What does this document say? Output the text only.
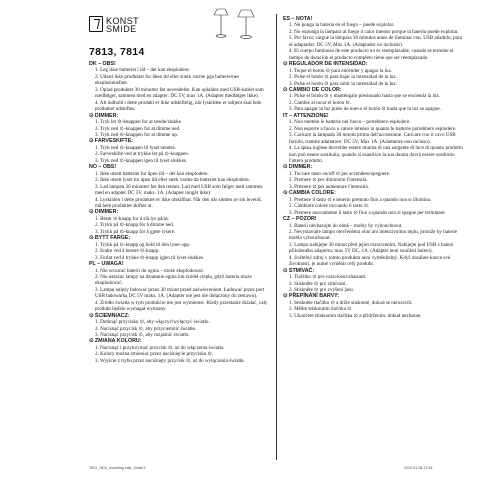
KONST
SMIDE
7813, 7814
DK – OBS!
1. Leg ikke batteriet i ild – det kan eksplodere.
2. Udsæt ikke produktet for åben ild eller stærk varme pga batteriernes eksplosionsfare.
3. Oplad produktet 30 minutter før anvendelse. Kan oplaldes med USB-kablet som medfølger, sammen med en adapter: DC 5V, max 1A. (Adapter medfølger ikke).
4. Alt indhold i dette produkt er ikke udskiftelig, når lyskilden er udtjent skal hele produktet udskiftes.
⊙ DIMMER:
1. Tryk let ⊙-knappen for at tænde/slukke.
2. Tryk ned ⊙-knappen for at dimme ned.
3. Tryk ned ⊙-knappen for at dimme op.
⊙ FARVESKIFTE:
1. Tryk ned ⊙-knappen til lyset tændes.
2. Farveskifte ved at trykke let på ⊙-knappen.
3. Tryk ned ⊙-knappen igen til lyset slukkes.
NO – OBS!
1. Ikke utsett batteriet for åpen ild – det kan eksplodere.
2. Ikke utsett lyset for åpen ild eller sterk varme da batteriet kan eksplodere.
3. Lad lampen 30 minutter før den tennes. Lad med USB som følger med sammen med en adapter DC 5V, maks. 1A. (Adapter inngår ikke).
4. Lyskilden i dette produktet er ikke utskiftbar. Når den når slutten av sin levetid, må hele produktet skiftes ut.
⊙ DIMMER:
1. Berør ⊙-knapp for å slå lys på/av.
2. Trykk på ⊙-knapp for å dimme ned.
3. Trykk på ⊙-knapp for å gjøre lysere.
⊙ BYTT FARGE:
1. Trykk på ⊙-knapp og hold til den lyser opp.
2. Endre ved å berøre ⊙-knapp.
3. Forlat ved å trykke ⊙-knapp igjen til lyset slukkes.
PL – UWAGA!
1. Nie wrzucać baterii do ognia – może eksplodować.
2. Nie narażać lampy na działanie ognia lub źródeł ciepła, gdyż bateria może eksplodować.
3. Lampę należy ładować przez 30 minut przed zaświeceniem. Ładować przez port USB ładowarką DC 5V maks. 1A. (Adapter nie jest nie dołączony do zestawu).
4. Źródło światła w tym produkcie nie jest wymienne. Kiedy przestanie działać, cały produkt będzie wymagał wymiany.
⊙ ŚCIEMNIACZ:
1. Dotknąć przycisku ⊙, aby włączyć/wyłączyć światło.
2. Nacisnąć przycisk ⊙, aby przyciemnić światło.
3. Nacisnąć przycisk ⊙, aby rozjaśnić światło.
⊙ ZMIANA KOLORU:
1. Nacisnąć i przytrzymać przycisk ⊙, aż do włączenia światła.
2. Kolory można zmieniać przez naciśnięcie przycisku ⊙.
3. Wyjście z trybu przez naciśnięty przycisk ⊙, aż do wyłączenia światła.
ES – NOTA!
1. No ponga la batería en el fuego – puede explotar.
2. No exponga la lámpara al fuego o calor intenso porque la batería puede explotar.
3. Por favor, cargue la lámpara 30 minutos antes de iluminar con. USB añadido, para el adaptador: DC 5V, Máx 1A. (Adaptador no incluido).
4. El cuerpo luminoso de este producto no es reemplazable, cuando se termine el tiempo de duración el producto completo tiene que ser reemplazado.
⊙ REGULADOR DE INTENSIDAD:
1. Toque el botón ⊙ para encender y apagar la luz.
2. Pulse el botón ⊙ para bajar la intensidad de la luz.
3. Pulse el botón ⊙ para subir la intensidad de la luz.
⊙ CAMBIO DE COLOR:
1. Pulse el botón ⊙ y manténgalo presionado hasta que se encienda la luz.
2. Cambie al tocar el botón ⊙.
3. Para apagar la luz pulse de nuevo el botón ⊙ hasta que la luz se apague.
IT – ATTENZIONE!
1. Non mettere le batterie nel fuoco – potrebbero esplodere.
2. Non esporre a fuoco o calore intenso in quanto le batterie potrebbero esplodere.
3. Caricare la lampada 30 minuti prima dell'accensione. Caricare con il cavo USB fornito, tramite adattatore: DC 5V, Max 1A. (Adattatore non incluso).
4. La spina inglese dovrebbe essere munita di una sorgente di luce di quanto prodotto non può essere sostituita, quando si esaurisce la sua durata dovrà essere sostituito l'intero prodotto.
⊙ DIMMER:
1. Toccare tasto on/off ⊙ per accendere/spegnere.
2. Premere ⊙ per diminuire l'intensità.
3. Premere ⊙ per aumentare l'intensità.
⊙ CAMBIA COLORE:
1. Premere il tasto ⊙ e tenerlo premuto fino a quando non si illumina.
2. Cambiare colore toccando il tasto ⊙.
3. Premere nuovamente il tasto ⊙ fino a quando non si spegne per terminare.
CZ – POZOR!
1. Baterii nevhazujte do ohně – mohly by vybouchnout.
2. Nevystavujte lampu otevřenému ohni ani intenzivnímu teplu, protože by baterie mohla vybouchnout.
3. Lampu nabíjejte 30 minut před jejím rozsvícením. Nabíjejte pod USB s balení přiloženého adaptéru: max 5V DC, 1A. (Adaptér není součástí balení).
4. Světelný zdroj v tomto produktu není vyměnitelný. Když dosáhne konce své životnosti, je nutné vyměnit celý produkt.
⊙ STMÍVAČ:
1. Tlačítko ⊙ pro rozsvícení/zhasnutí.
2. Stiskněte ⊙ pro ztmívání.
3. Stiskněte ⊙ pro zvýšení jasu.
⊙ PŘEPÍNÁNÍ BARVY:
1. Stiskněte tlačítko ⊙ a držte stisknuté, dokud se nerozsvítí.
2. Měňte stisknutím tlačítka ⊙.
3. Ukončete stisknutím tlačítka ⊙ a přidržením, dokud nezhasne.
7813_7814_mounting instr_Small 2	2020-01-28 17:26
